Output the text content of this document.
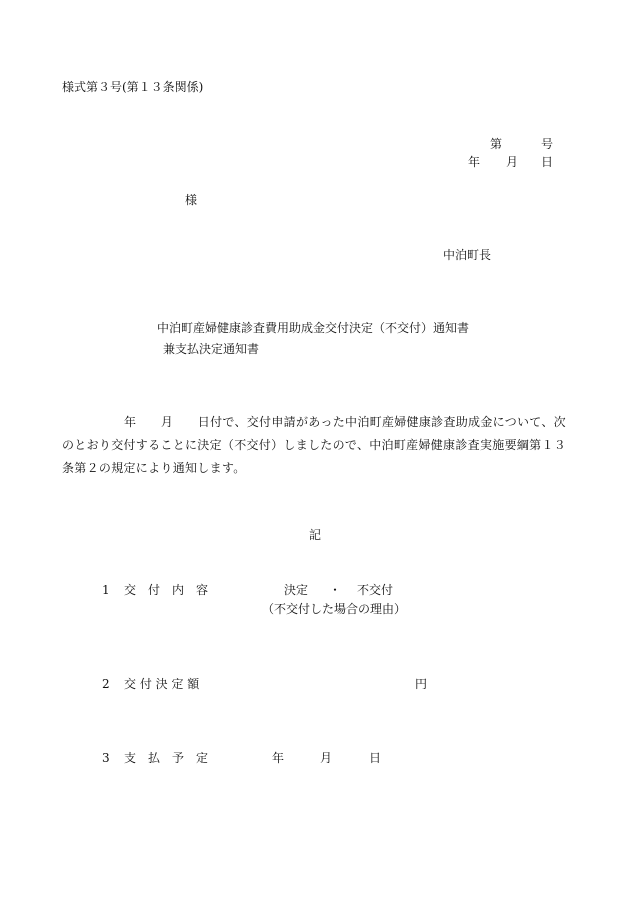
様式第３号(第１３条関係)
第	号
年 月 日
様
中泊町長
中泊町産婦健康診査費用助成金交付決定（不交付）通知書
兼支払決定通知書
年　　月　　日付で、交付申請があった中泊町産婦健康診査助成金について、次
のとおり交付することに決定（不交付）しましたので、中泊町産婦健康診査実施要綱第１３
条第２の規定により通知します。
記
1 交　付　内　容	決定 ・ 不交付
（不交付した場合の理由）
2 交 付 決 定 額	円
3 支　払　予　定	年	月	日
